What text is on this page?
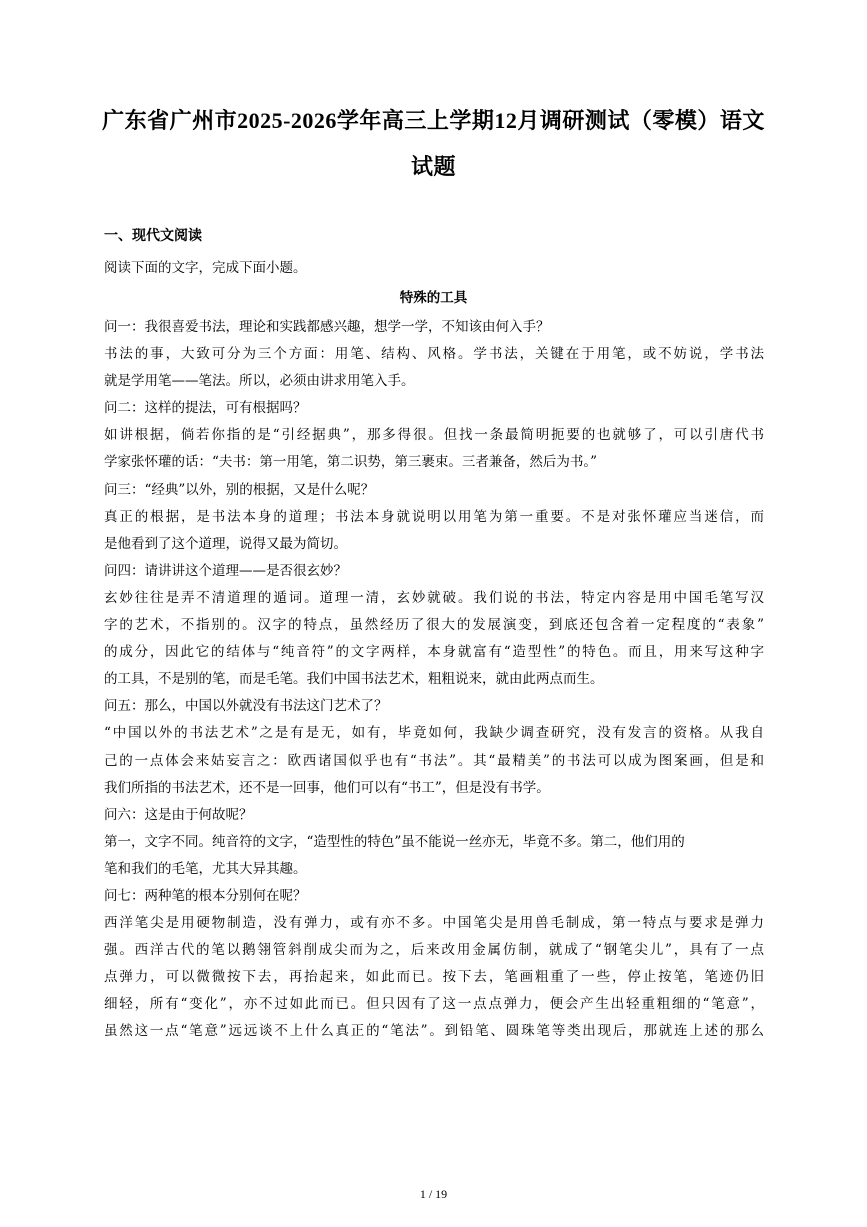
广东省广州市2025-2026学年高三上学期12月调研测试（零模）语文
试题
一、现代文阅读
阅读下面的文字，完成下面小题。
特殊的工具
问一：我很喜爱书法，理论和实践都感兴趣，想学一学，不知该由何入手？
书法的事，大致可分为三个方面：用笔、结构、风格。学书法，关键在于用笔，或不妨说，学书法
就是学用笔——笔法。所以，必须由讲求用笔入手。
问二：这样的提法，可有根据吗？
如讲根据，倘若你指的是“引经据典”，那多得很。但找一条最简明扼要的也就够了，可以引唐代书
学家张怀瓘的话：“夫书：第一用笔，第二识势，第三裹束。三者兼备，然后为书。”
问三：“经典”以外，别的根据，又是什么呢？
真正的根据，是书法本身的道理；书法本身就说明以用笔为第一重要。不是对张怀瓘应当迷信，而
是他看到了这个道理，说得又最为简切。
问四：请讲讲这个道理——是否很玄妙？
玄妙往往是弄不清道理的遁词。道理一清，玄妙就破。我们说的书法，特定内容是用中国毛笔写汉
字的艺术，不指别的。汉字的特点，虽然经历了很大的发展演变，到底还包含着一定程度的“表象”
的成分，因此它的结体与“纯音符”的文字两样，本身就富有“造型性”的特色。而且，用来写这种字
的工具，不是别的笔，而是毛笔。我们中国书法艺术，粗粗说来，就由此两点而生。
问五：那么，中国以外就没有书法这门艺术了？
“中国以外的书法艺术”之是有是无，如有，毕竟如何，我缺少调查研究，没有发言的资格。从我自
己的一点体会来姑妄言之：欧西诸国似乎也有“书法”。其“最精美”的书法可以成为图案画，但是和
我们所指的书法艺术，还不是一回事，他们可以有“书工”，但是没有书学。
问六：这是由于何故呢？
第一，文字不同。纯音符的文字，“造型性的特色”虽不能说一丝亦无，毕竟不多。第二，他们用的
笔和我们的毛笔，尤其大异其趣。
问七：两种笔的根本分别何在呢？
西洋笔尖是用硬物制造，没有弹力，或有亦不多。中国笔尖是用兽毛制成，第一特点与要求是弹力
强。西洋古代的笔以鹅翎管斜削成尖而为之，后来改用金属仿制，就成了“钢笔尖儿”，具有了一点
点弹力，可以微微按下去，再抬起来，如此而已。按下去，笔画粗重了一些，停止按笔，笔迹仍旧
细轻，所有“变化”，亦不过如此而已。但只因有了这一点点弹力，便会产生出轻重粗细的“笔意”，
虽然这一点“笔意”远远谈不上什么真正的“笔法”。到铅笔、圆珠笔等类出现后，那就连上述的那么
1 / 19
